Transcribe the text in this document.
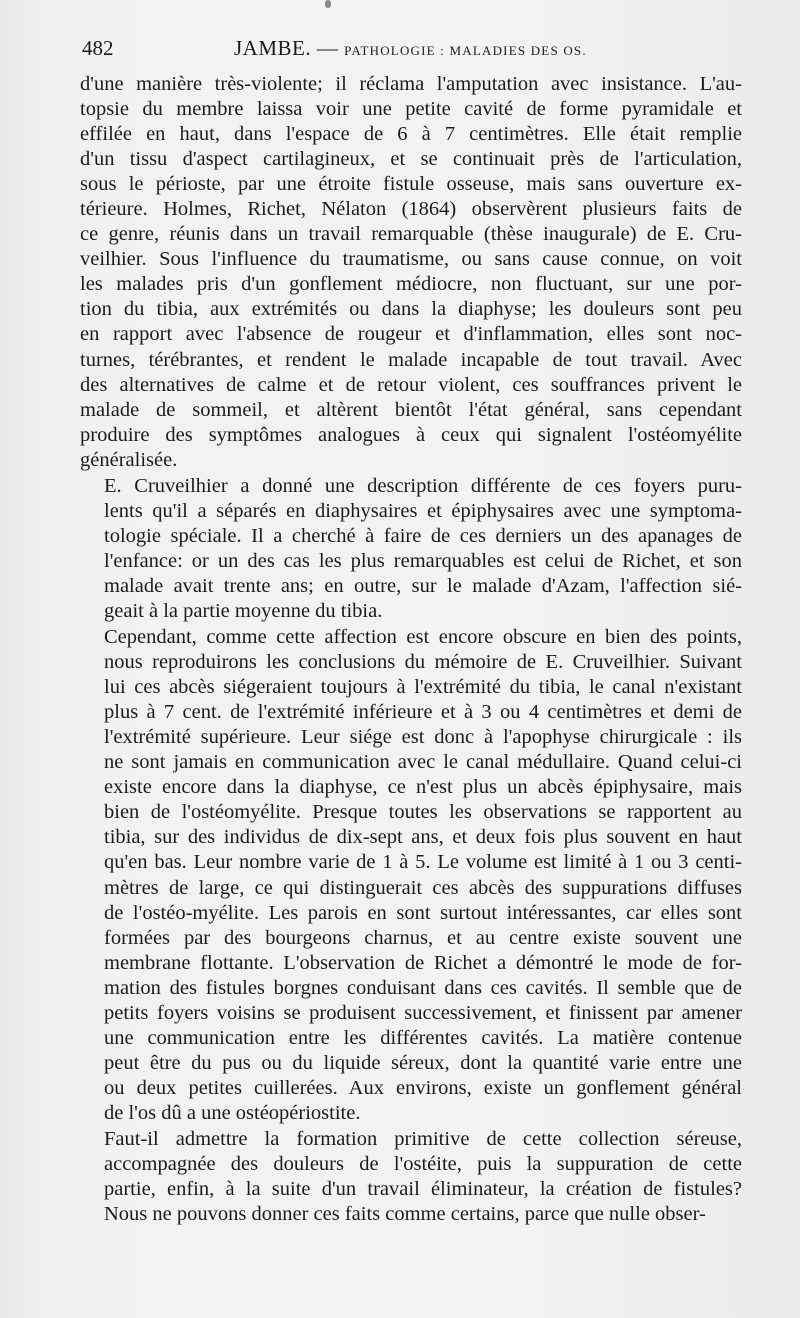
482	JAMBE. — PATHOLOGIE : MALADIES DES OS.

d'une manière très-violente; il réclama l'amputation avec insistance. L'au-
topsie du membre laissa voir une petite cavité de forme pyramidale et
effilée en haut, dans l'espace de 6 à 7 centimètres. Elle était remplie
d'un tissu d'aspect cartilagineux, et se continuait près de l'articulation,
sous le périoste, par une étroite fistule osseuse, mais sans ouverture ex-
térieure. Holmes, Richet, Nélaton (1864) observèrent plusieurs faits de
ce genre, réunis dans un travail remarquable (thèse inaugurale) de E. Cru-
veilhier. Sous l'influence du traumatisme, ou sans cause connue, on voit
les malades pris d'un gonflement médiocre, non fluctuant, sur une por-
tion du tibia, aux extrémités ou dans la diaphyse; les douleurs sont peu
en rapport avec l'absence de rougeur et d'inflammation, elles sont noc-
turnes, térébrantes, et rendent le malade incapable de tout travail. Avec
des alternatives de calme et de retour violent, ces souffrances privent le
malade de sommeil, et altèrent bientôt l'état général, sans cependant
produire des symptômes analogues à ceux qui signalent l'ostéomyélite
généralisée.

E. Cruveilhier a donné une description différente de ces foyers puru-
lents qu'il a séparés en diaphysaires et épiphysaires avec une symptoma-
tologie spéciale. Il a cherché à faire de ces derniers un des apanages de
l'enfance: or un des cas les plus remarquables est celui de Richet, et son
malade avait trente ans; en outre, sur le malade d'Azam, l'affection sié-
geait à la partie moyenne du tibia.

Cependant, comme cette affection est encore obscure en bien des points,
nous reproduirons les conclusions du mémoire de E. Cruveilhier. Suivant
lui ces abcès siégeraient toujours à l'extrémité du tibia, le canal n'existant
plus à 7 cent. de l'extrémité inférieure et à 3 ou 4 centimètres et demi de
l'extrémité supérieure. Leur siége est donc à l'apophyse chirurgicale : ils
ne sont jamais en communication avec le canal médullaire. Quand celui-ci
existe encore dans la diaphyse, ce n'est plus un abcès épiphysaire, mais
bien de l'ostéomyélite. Presque toutes les observations se rapportent au
tibia, sur des individus de dix-sept ans, et deux fois plus souvent en haut
qu'en bas. Leur nombre varie de 1 à 5. Le volume est limité à 1 ou 3 centi-
mètres de large, ce qui distinguerait ces abcès des suppurations diffuses
de l'ostéo-myélite. Les parois en sont surtout intéressantes, car elles sont
formées par des bourgeons charnus, et au centre existe souvent une
membrane flottante. L'observation de Richet a démontré le mode de for-
mation des fistules borgnes conduisant dans ces cavités. Il semble que de
petits foyers voisins se produisent successivement, et finissent par amener
une communication entre les différentes cavités. La matière contenue
peut être du pus ou du liquide séreux, dont la quantité varie entre une
ou deux petites cuillerées. Aux environs, existe un gonflement général
de l'os dû a une ostéopériostite.

Faut-il admettre la formation primitive de cette collection séreuse,
accompagnée des douleurs de l'ostéite, puis la suppuration de cette
partie, enfin, à la suite d'un travail éliminateur, la création de fistules?
Nous ne pouvons donner ces faits comme certains, parce que nulle obser-
